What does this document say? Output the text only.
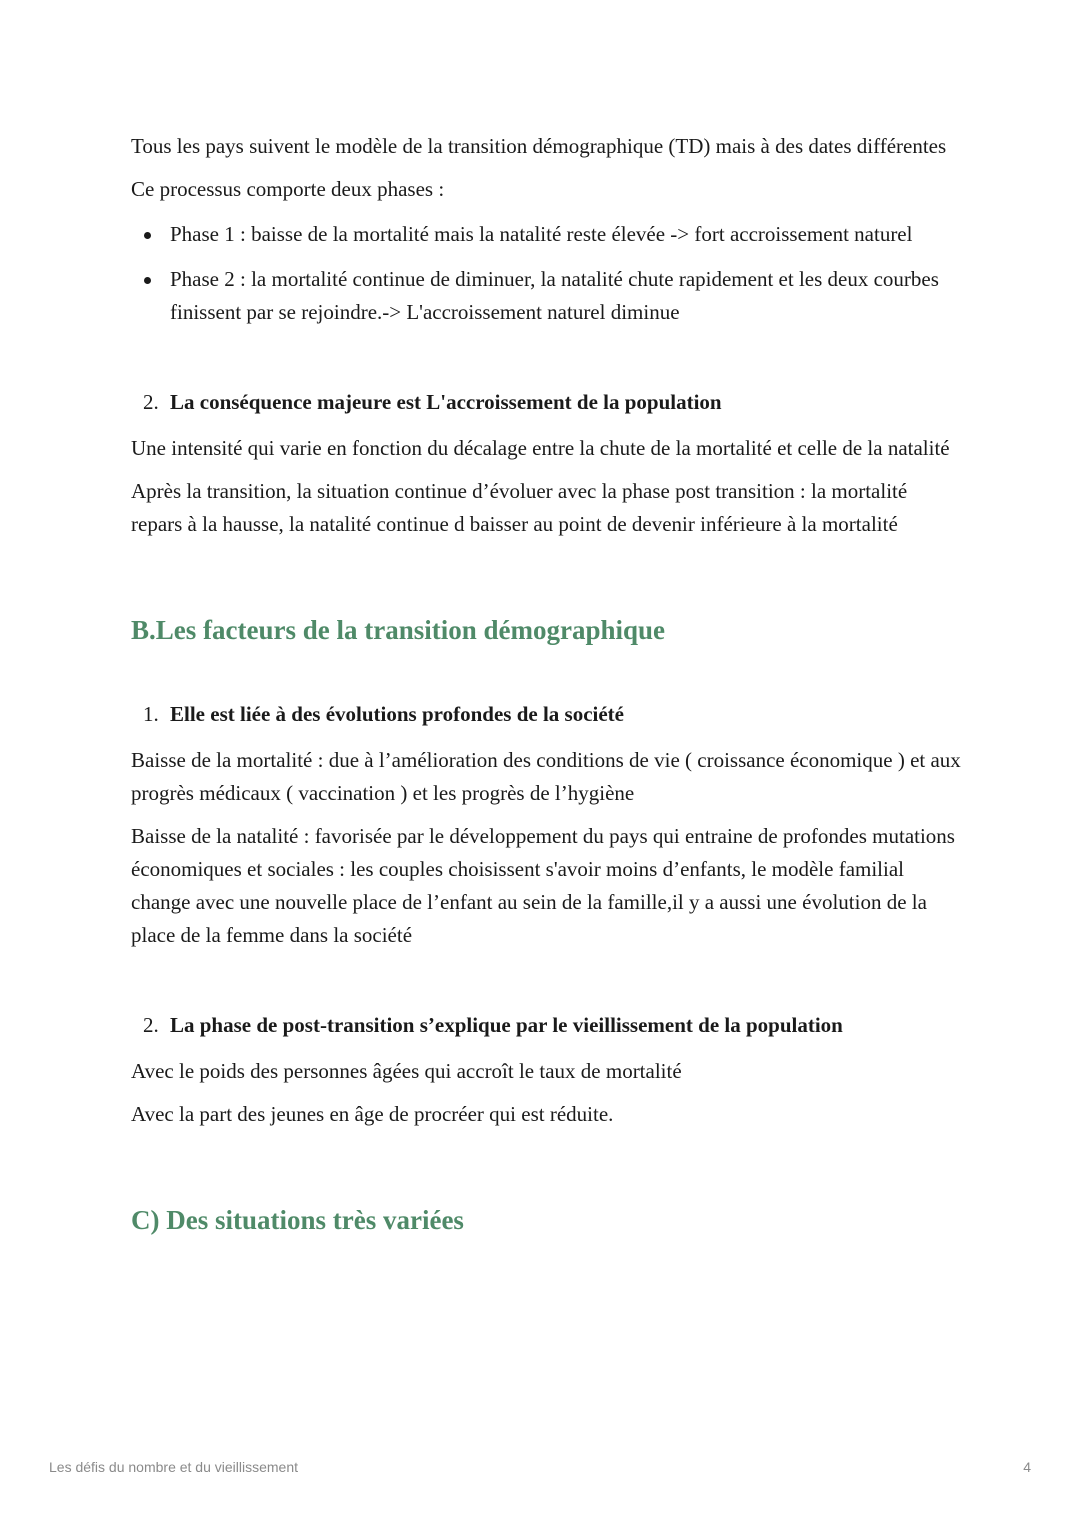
Tous les pays suivent le modèle de la transition démographique (TD) mais à des dates différentes

Ce processus comporte deux phases :

Phase 1 : baisse de la mortalité mais la natalité reste élevée -> fort accroissement naturel
Phase 2 : la mortalité continue de diminuer, la natalité chute rapidement et les deux courbes finissent par se rejoindre.-> L'accroissement naturel diminue
2. La conséquence majeure est L'accroissement de la population

Une intensité qui varie en fonction du décalage entre la chute de la mortalité et celle de la natalité

Après la transition, la situation continue d’évoluer avec la phase post transition : la mortalité repars à la hausse, la natalité continue d baisser au point de devenir inférieure à la mortalité

B.Les facteurs de la transition démographique
1. Elle est liée à des évolutions profondes de la société

Baisse de la mortalité : due à l’amélioration des conditions de vie ( croissance économique ) et aux progrès médicaux ( vaccination ) et les progrès de l’hygiène

Baisse de la natalité : favorisée par le développement du pays qui entraine de profondes mutations économiques et sociales : les couples choisissent s'avoir moins d’enfants, le modèle familial change avec une nouvelle place de l’enfant au sein de la famille,il y a aussi une évolution de la place de la femme dans la société

2. La phase de post-transition s’explique par le vieillissement de la population

Avec le poids des personnes âgées qui accroît le taux de mortalité

Avec la part des jeunes en âge de procréer qui est réduite.

C) Des situations très variées
Les défis du nombre et du vieillissement	4
